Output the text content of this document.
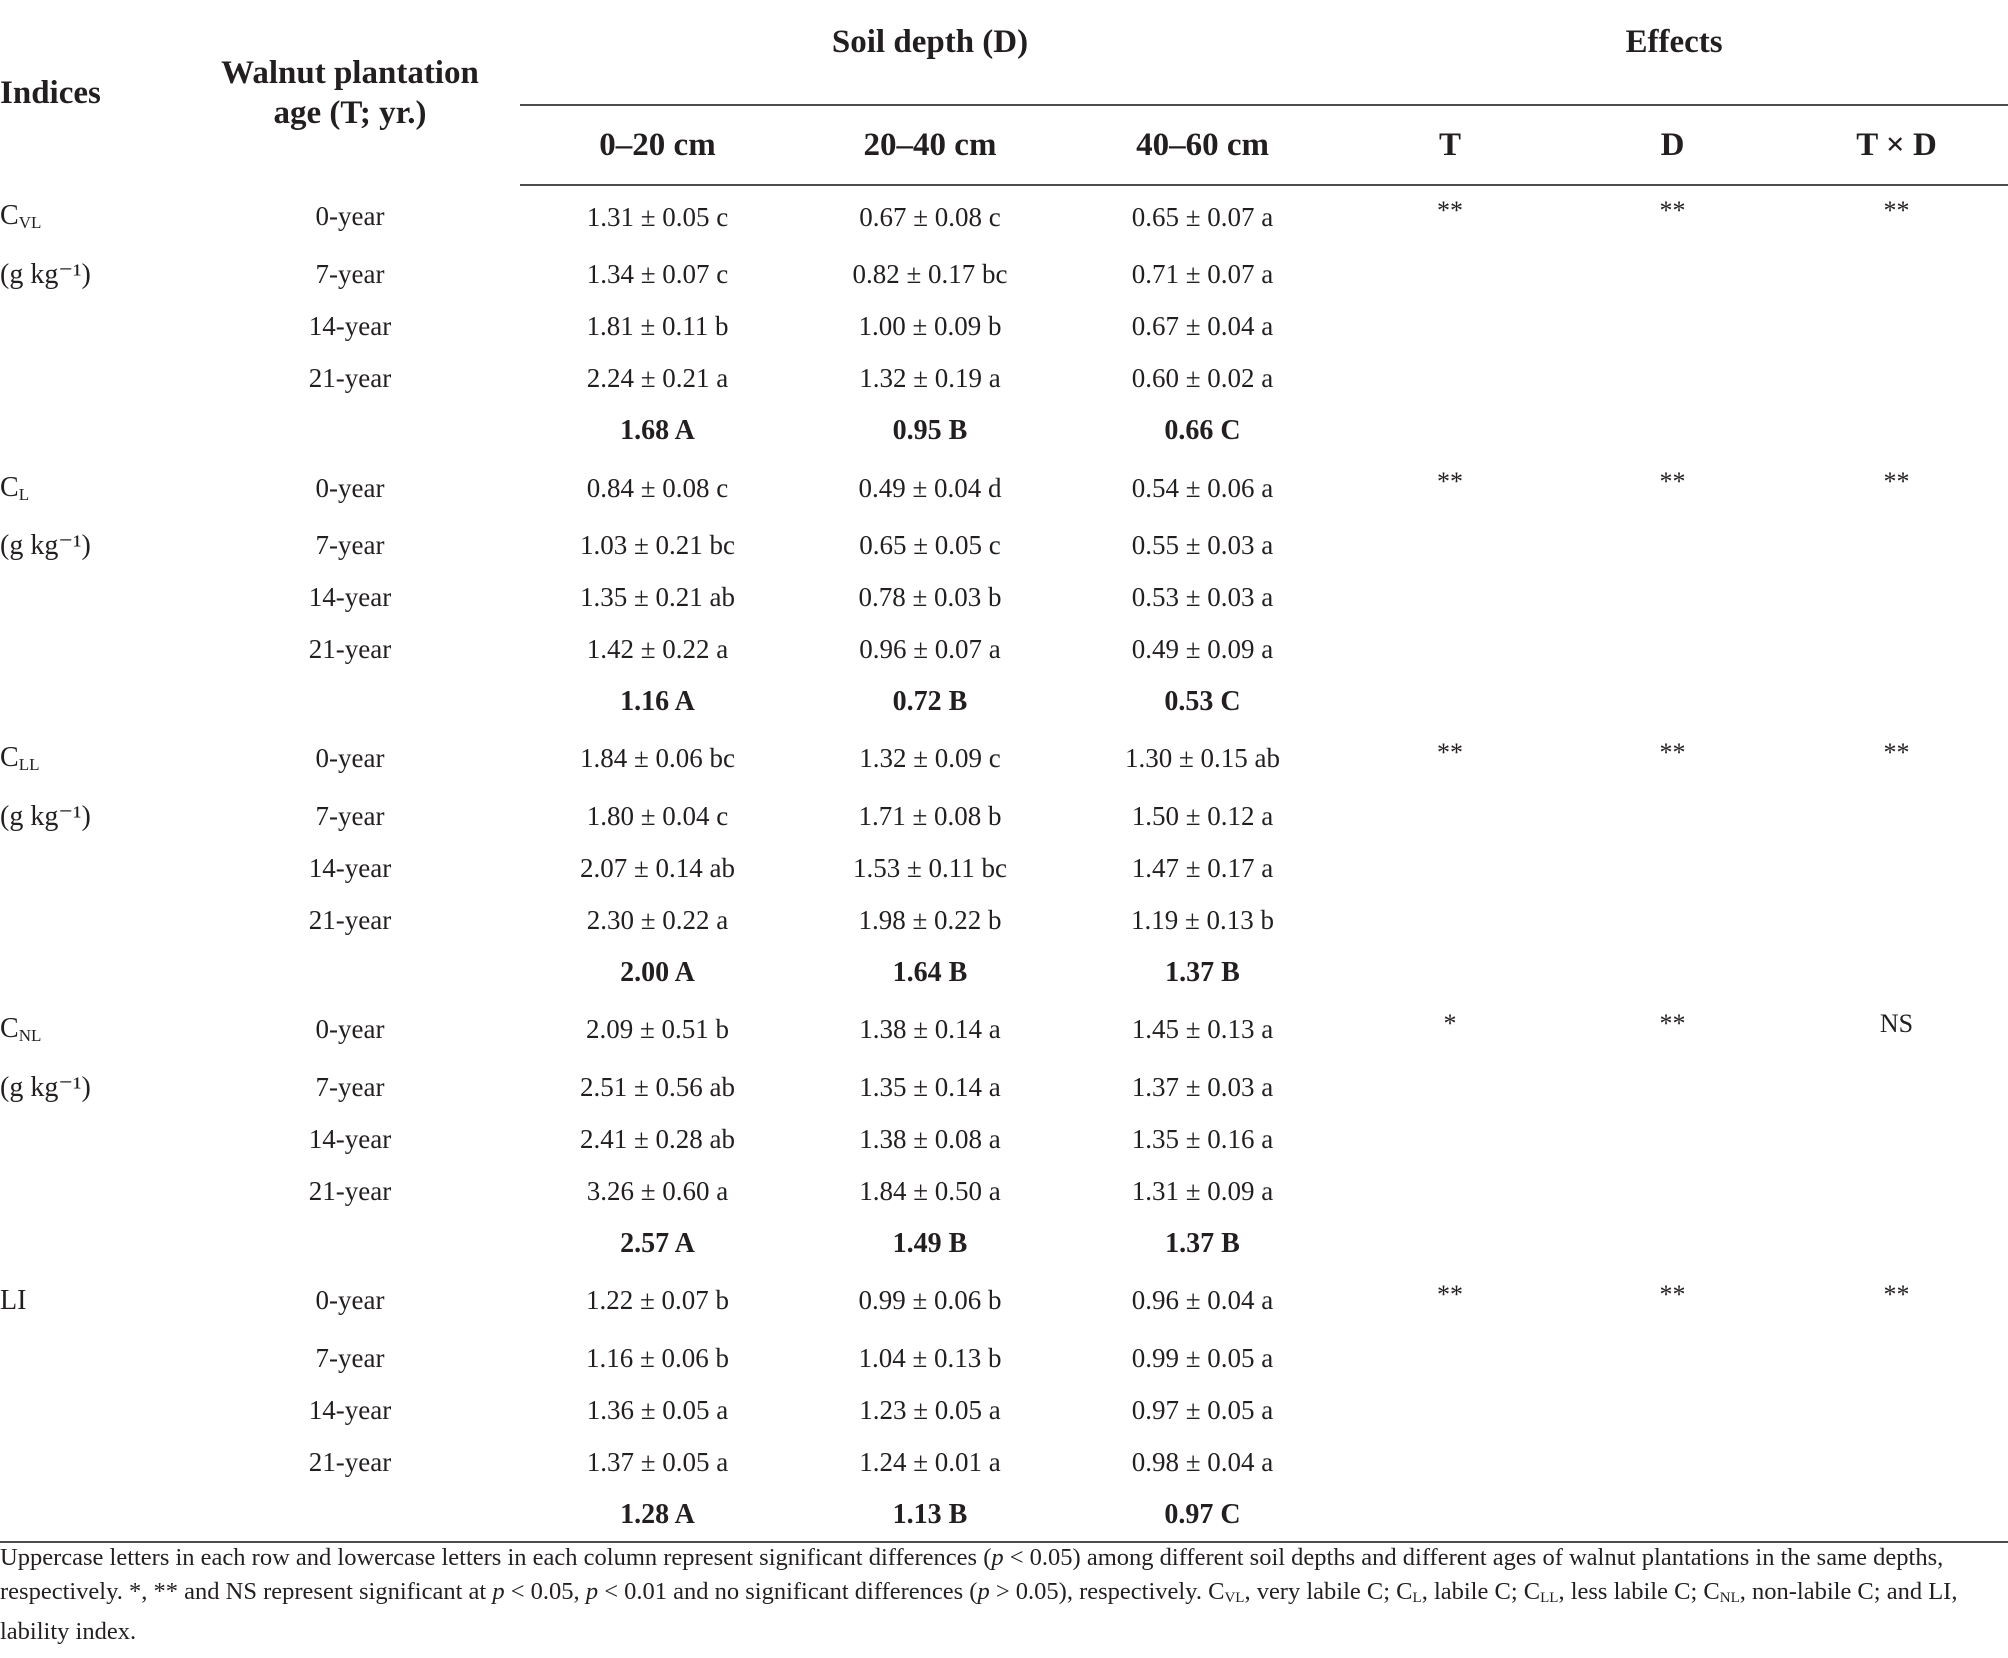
Indices	Walnut plantation
age (T; yr.)	Soil depth (D)			Effects		
		0–20 cm	20–40 cm	40–60 cm	T	D	T × D
$C_{VL}$	0-year	1.31 ± 0.05 c	0.67 ± 0.08 c	0.65 ± 0.07 a	**	**	**
(g kg⁻¹)	7-year	1.34 ± 0.07 c	0.82 ± 0.17 bc	0.71 ± 0.07 a			
	14-year	1.81 ± 0.11 b	1.00 ± 0.09 b	0.67 ± 0.04 a			
	21-year	2.24 ± 0.21 a	1.32 ± 0.19 a	0.60 ± 0.02 a			
		1.68 A	0.95 B	0.66 C			
$C_L$	0-year	0.84 ± 0.08 c	0.49 ± 0.04 d	0.54 ± 0.06 a	**	**	**
(g kg⁻¹)	7-year	1.03 ± 0.21 bc	0.65 ± 0.05 c	0.55 ± 0.03 a			
	14-year	1.35 ± 0.21 ab	0.78 ± 0.03 b	0.53 ± 0.03 a			
	21-year	1.42 ± 0.22 a	0.96 ± 0.07 a	0.49 ± 0.09 a			
		1.16 A	0.72 B	0.53 C			
$C_{LL}$	0-year	1.84 ± 0.06 bc	1.32 ± 0.09 c	1.30 ± 0.15 ab	**	**	**
(g kg⁻¹)	7-year	1.80 ± 0.04 c	1.71 ± 0.08 b	1.50 ± 0.12 a			
	14-year	2.07 ± 0.14 ab	1.53 ± 0.11 bc	1.47 ± 0.17 a			
	21-year	2.30 ± 0.22 a	1.98 ± 0.22 b	1.19 ± 0.13 b			
		2.00 A	1.64 B	1.37 B			
$C_{NL}$	0-year	2.09 ± 0.51 b	1.38 ± 0.14 a	1.45 ± 0.13 a	*	**	NS
(g kg⁻¹)	7-year	2.51 ± 0.56 ab	1.35 ± 0.14 a	1.37 ± 0.03 a			
	14-year	2.41 ± 0.28 ab	1.38 ± 0.08 a	1.35 ± 0.16 a			
	21-year	3.26 ± 0.60 a	1.84 ± 0.50 a	1.31 ± 0.09 a			
		2.57 A	1.49 B	1.37 B			
LI	0-year	1.22 ± 0.07 b	0.99 ± 0.06 b	0.96 ± 0.04 a	**	**	**
	7-year	1.16 ± 0.06 b	1.04 ± 0.13 b	0.99 ± 0.05 a			
	14-year	1.36 ± 0.05 a	1.23 ± 0.05 a	0.97 ± 0.05 a			
	21-year	1.37 ± 0.05 a	1.24 ± 0.01 a	0.98 ± 0.04 a			
		1.28 A	1.13 B	0.97 C			
Uppercase letters in each row and lowercase letters in each column represent significant differences (p < 0.05) among different soil depths and different ages of walnut plantations in the same depths, respectively. *, ** and NS represent significant at p < 0.05, p < 0.01 and no significant differences (p > 0.05), respectively. $C_{VL}$, very labile C; $C_L$, labile C; $C_{LL}$, less labile C; $C_{NL}$, non-labile C; and LI, lability index.
